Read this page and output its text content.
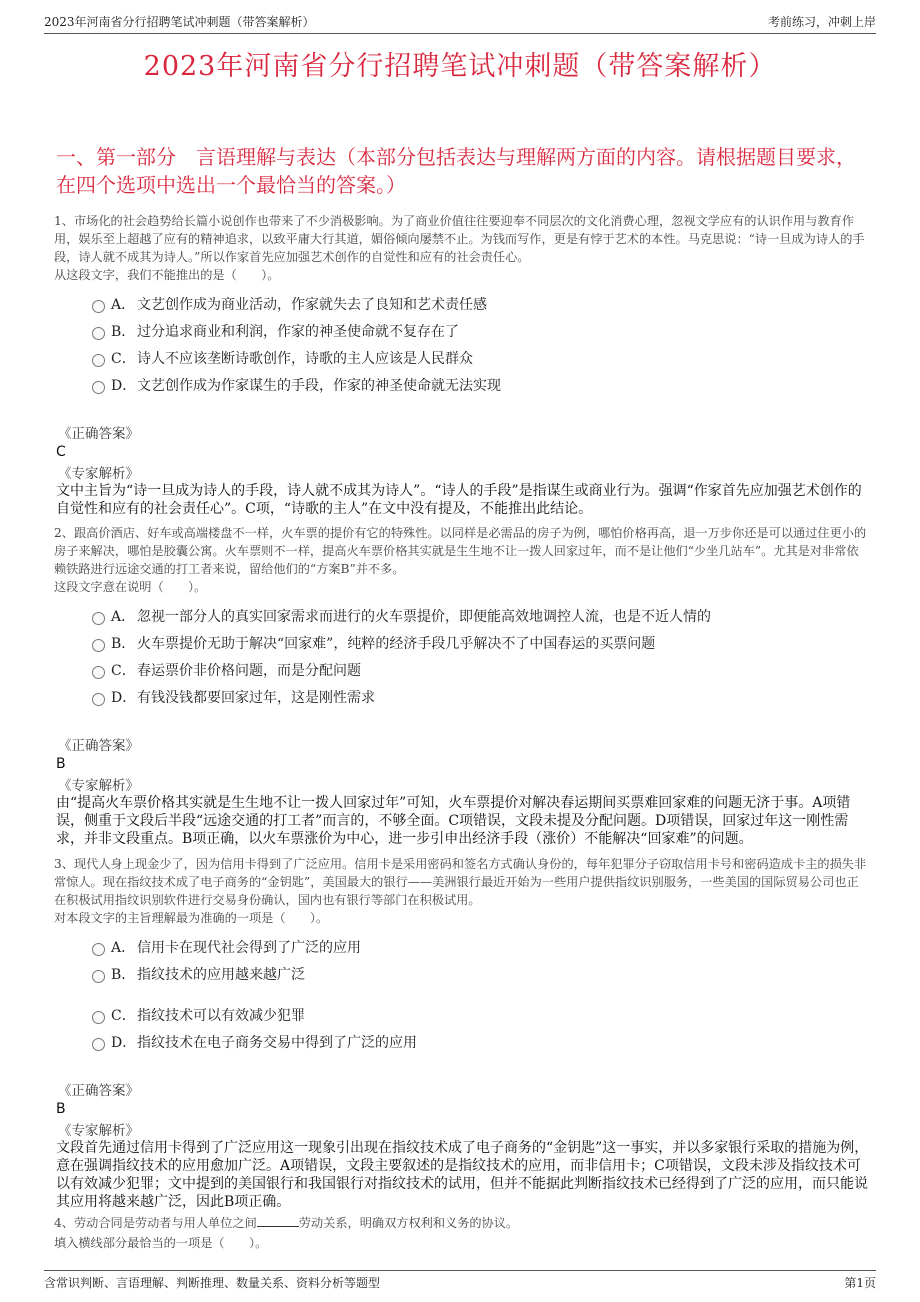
2023年河南省分行招聘笔试冲刺题（带答案解析）	考前练习，冲刺上岸
2023年河南省分行招聘笔试冲刺题（带答案解析）
一、第一部分　言语理解与表达（本部分包括表达与理解两方面的内容。请根据题目要求，在四个选项中选出一个最恰当的答案。）
1、市场化的社会趋势给长篇小说创作也带来了不少消极影响。为了商业价值往往要迎奉不同层次的文化消费心理，忽视文学应有的认识作用与教育作用，娱乐至上超越了应有的精神追求，以致平庸大行其道，媚俗倾向屡禁不止。为钱而写作，更是有悖于艺术的本性。马克思说：“诗一旦成为诗人的手段，诗人就不成其为诗人。”所以作家首先应加强艺术创作的自觉性和应有的社会责任心。
从这段文字，我们不能推出的是（　　）。
A． 文艺创作成为商业活动，作家就失去了良知和艺术责任感
B． 过分追求商业和利润，作家的神圣使命就不复存在了
C． 诗人不应该垄断诗歌创作，诗歌的主人应该是人民群众
D． 文艺创作成为作家谋生的手段，作家的神圣使命就无法实现
《正确答案》
C
《专家解析》
文中主旨为“诗一旦成为诗人的手段，诗人就不成其为诗人”。“诗人的手段”是指谋生或商业行为。强调“作家首先应加强艺术创作的自觉性和应有的社会责任心”。C项，“诗歌的主人”在文中没有提及，不能推出此结论。
2、跟高价酒店、好车或高端楼盘不一样，火车票的提价有它的特殊性。以同样是必需品的房子为例，哪怕价格再高，退一万步你还是可以通过住更小的房子来解决，哪怕是胶囊公寓。火车票则不一样，提高火车票价格其实就是生生地不让一拨人回家过年，而不是让他们“少坐几站车”。尤其是对非常依赖铁路进行远途交通的打工者来说，留给他们的“方案B”并不多。
这段文字意在说明（　　）。
A． 忽视一部分人的真实回家需求而进行的火车票提价，即便能高效地调控人流，也是不近人情的
B． 火车票提价无助于解决“回家难”，纯粹的经济手段几乎解决不了中国春运的买票问题
C． 春运票价非价格问题，而是分配问题
D． 有钱没钱都要回家过年，这是刚性需求
《正确答案》
B
《专家解析》
由“提高火车票价格其实就是生生地不让一拨人回家过年”可知，火车票提价对解决春运期间买票难回家难的问题无济于事。A项错误，侧重于文段后半段“远途交通的打工者”而言的，不够全面。C项错误，文段未提及分配问题。D项错误，回家过年这一刚性需求，并非文段重点。B项正确，以火车票涨价为中心，进一步引申出经济手段（涨价）不能解决“回家难”的问题。
3、现代人身上现金少了，因为信用卡得到了广泛应用。信用卡是采用密码和签名方式确认身份的，每年犯罪分子窃取信用卡号和密码造成卡主的损失非常惊人。现在指纹技术成了电子商务的“金钥匙”，美国最大的银行——美洲银行最近开始为一些用户提供指纹识别服务，一些美国的国际贸易公司也正在积极试用指纹识别软件进行交易身份确认，国内也有银行等部门在积极试用。
对本段文字的主旨理解最为准确的一项是（　　）。
A． 信用卡在现代社会得到了广泛的应用
B． 指纹技术的应用越来越广泛
C． 指纹技术可以有效减少犯罪
D． 指纹技术在电子商务交易中得到了广泛的应用
《正确答案》
B
《专家解析》
文段首先通过信用卡得到了广泛应用这一现象引出现在指纹技术成了电子商务的“金钥匙”这一事实，并以多家银行采取的措施为例，意在强调指纹技术的应用愈加广泛。A项错误，文段主要叙述的是指纹技术的应用，而非信用卡；C项错误，文段未涉及指纹技术可以有效减少犯罪；文中提到的美国银行和我国银行对指纹技术的试用，但并不能据此判断指纹技术已经得到了广泛的应用，而只能说其应用将越来越广泛，因此B项正确。
4、劳动合同是劳动者与用人单位之间	劳动关系，明确双方权利和义务的协议。
填入横线部分最恰当的一项是（　　）。
含常识判断、言语理解、判断推理、数量关系、资料分析等题型	第1页
